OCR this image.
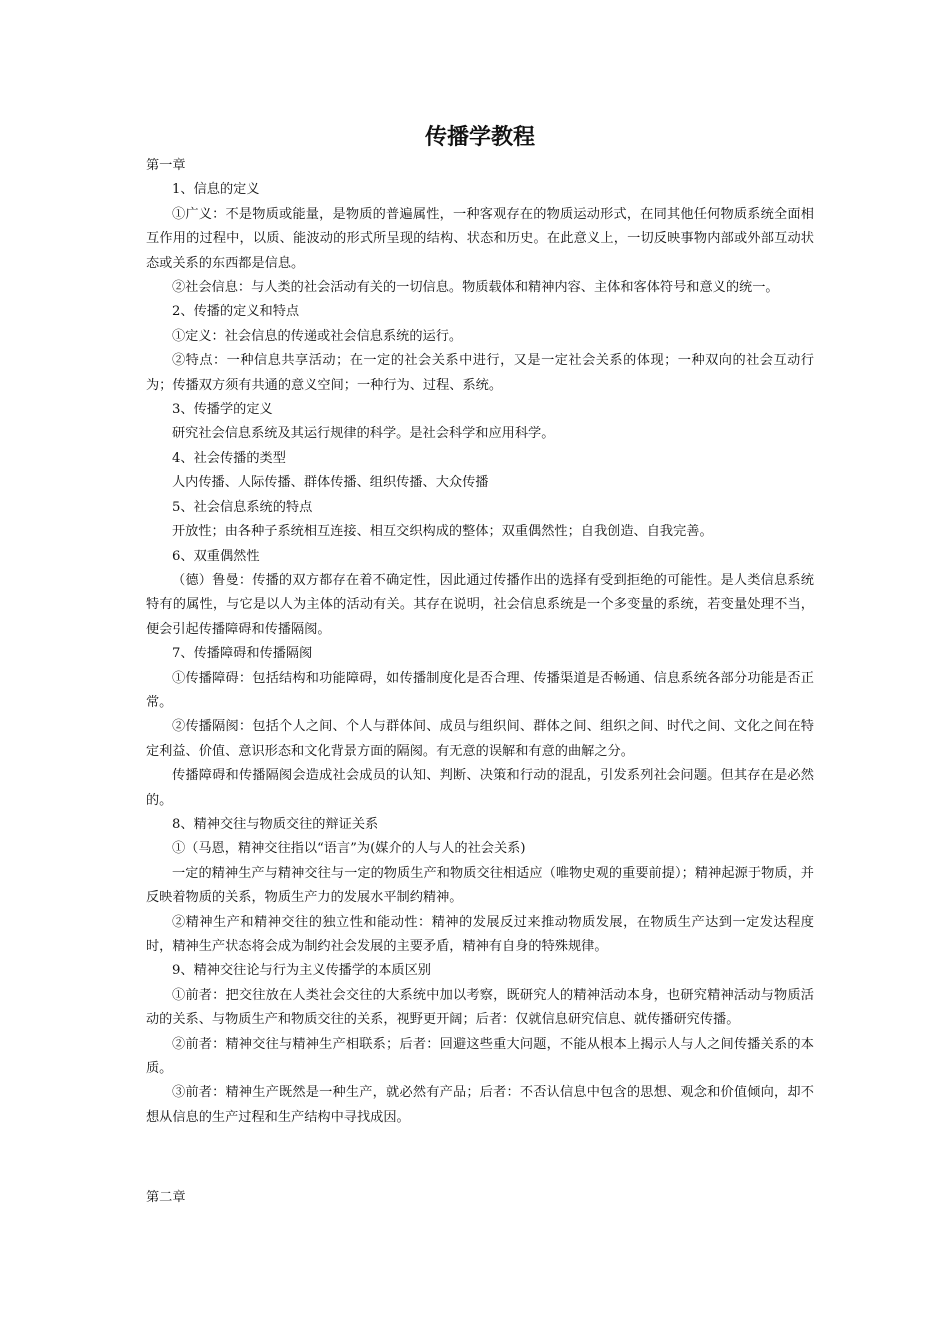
传播学教程

第一章

1、信息的定义

①广义：不是物质或能量，是物质的普遍属性，一种客观存在的物质运动形式，在同其他任何物质系统全面相互作用的过程中，以质、能波动的形式所呈现的结构、状态和历史。在此意义上，一切反映事物内部或外部互动状态或关系的东西都是信息。

②社会信息：与人类的社会活动有关的一切信息。物质载体和精神内容、主体和客体符号和意义的统一。

2、传播的定义和特点

①定义：社会信息的传递或社会信息系统的运行。

②特点：一种信息共享活动；在一定的社会关系中进行，又是一定社会关系的体现；一种双向的社会互动行为；传播双方须有共通的意义空间；一种行为、过程、系统。

3、传播学的定义

研究社会信息系统及其运行规律的科学。是社会科学和应用科学。

4、社会传播的类型

人内传播、人际传播、群体传播、组织传播、大众传播

5、社会信息系统的特点

开放性；由各种子系统相互连接、相互交织构成的整体；双重偶然性；自我创造、自我完善。

6、双重偶然性

（德）鲁曼：传播的双方都存在着不确定性，因此通过传播作出的选择有受到拒绝的可能性。是人类信息系统特有的属性，与它是以人为主体的活动有关。其存在说明，社会信息系统是一个多变量的系统，若变量处理不当，便会引起传播障碍和传播隔阂。

7、传播障碍和传播隔阂

①传播障碍：包括结构和功能障碍，如传播制度化是否合理、传播渠道是否畅通、信息系统各部分功能是否正常。

②传播隔阂：包括个人之间、个人与群体间、成员与组织间、群体之间、组织之间、时代之间、文化之间在特定利益、价值、意识形态和文化背景方面的隔阂。有无意的误解和有意的曲解之分。

传播障碍和传播隔阂会造成社会成员的认知、判断、决策和行动的混乱，引发系列社会问题。但其存在是必然的。

8、精神交往与物质交往的辩证关系

①（马恩，精神交往指以“语言”为(媒介的人与人的社会关系)

一定的精神生产与精神交往与一定的物质生产和物质交往相适应（唯物史观的重要前提）；精神起源于物质，并反映着物质的关系，物质生产力的发展水平制约精神。

②精神生产和精神交往的独立性和能动性：精神的发展反过来推动物质发展，在物质生产达到一定发达程度时，精神生产状态将会成为制约社会发展的主要矛盾，精神有自身的特殊规律。

9、精神交往论与行为主义传播学的本质区别

①前者：把交往放在人类社会交往的大系统中加以考察，既研究人的精神活动本身，也研究精神活动与物质活动的关系、与物质生产和物质交往的关系，视野更开阔；后者：仅就信息研究信息、就传播研究传播。

②前者：精神交往与精神生产相联系；后者：回避这些重大问题，不能从根本上揭示人与人之间传播关系的本质。

③前者：精神生产既然是一种生产，就必然有产品；后者：不否认信息中包含的思想、观念和价值倾向，却不想从信息的生产过程和生产结构中寻找成因。

第二章
